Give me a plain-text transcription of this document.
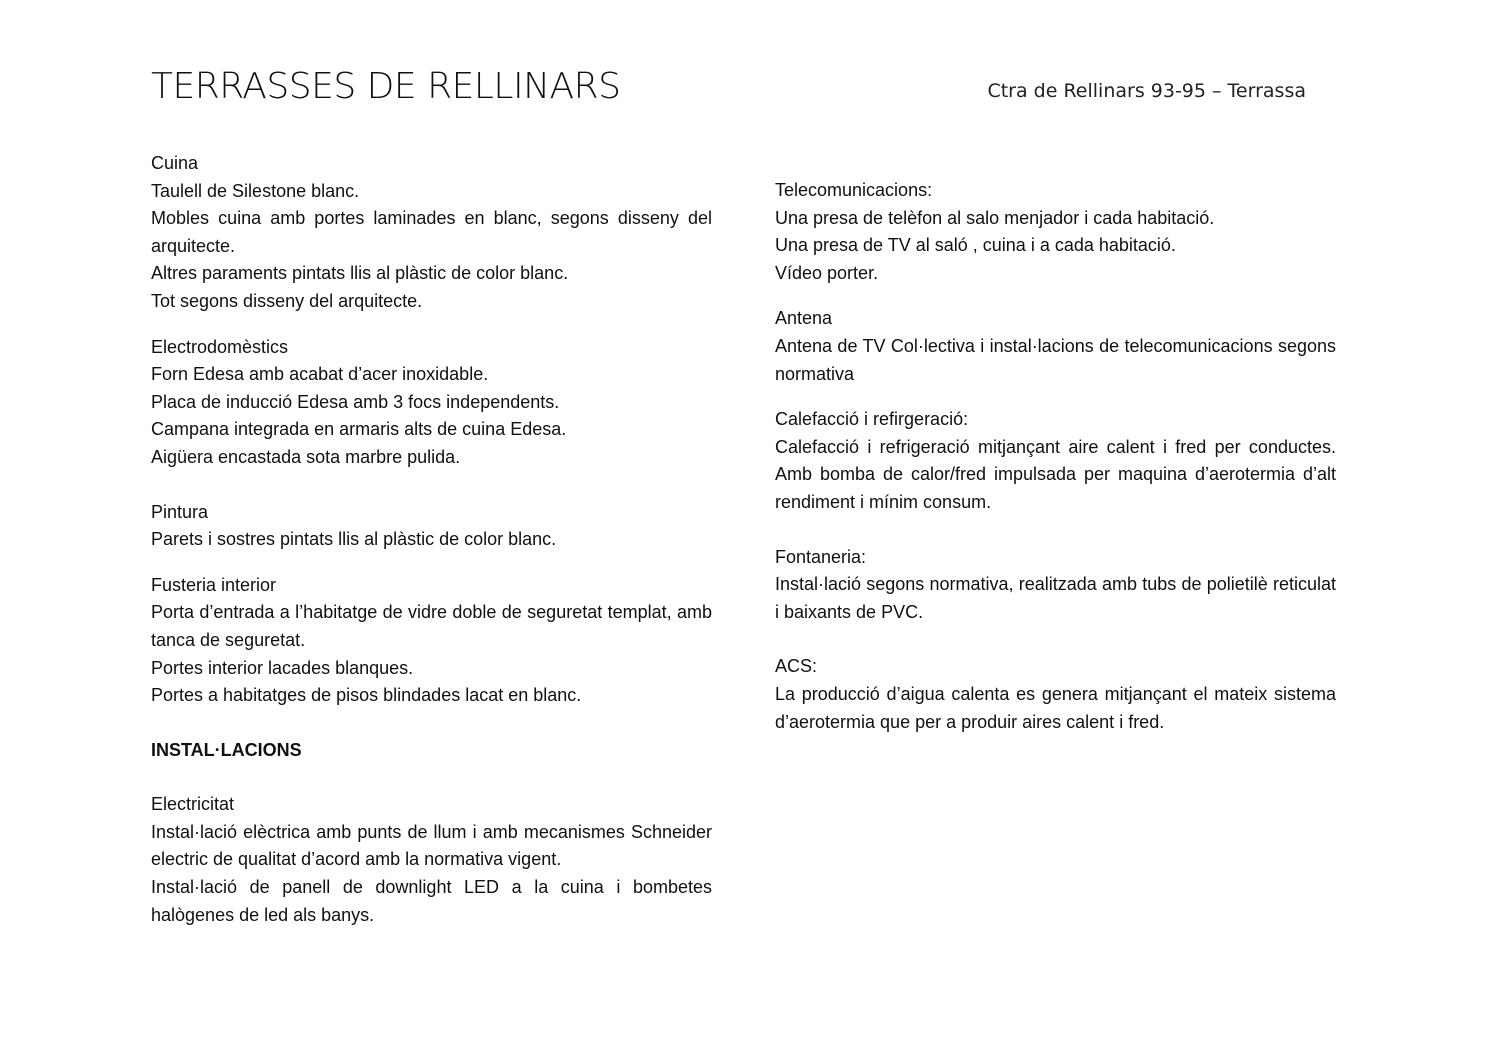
TERRASSES DE RELLINARS	Ctra de Rellinars 93-95 – Terrassa
Cuina
Taulell de Silestone blanc.
Mobles cuina amb portes laminades en blanc, segons disseny del arquitecte.
Altres paraments pintats llis al plàstic de color blanc.
Tot segons disseny del arquitecte.
Electrodomèstics
Forn Edesa amb acabat d’acer inoxidable.
Placa de inducció Edesa amb 3 focs independents.
Campana integrada en armaris alts de cuina Edesa.
Aigüera encastada sota marbre pulida.
Pintura
Parets i sostres pintats llis al plàstic de color blanc.
Fusteria interior
Porta d’entrada a l’habitatge de vidre doble de seguretat templat, amb tanca de seguretat.
Portes interior lacades blanques.
Portes a habitatges de pisos blindades lacat en blanc.
INSTAL·LACIONS
Electricitat
Instal·lació elèctrica amb punts de llum i amb mecanismes Schneider electric de qualitat d’acord amb la normativa vigent.
Instal·lació de panell de downlight LED a la cuina i bombetes halògenes de led als banys.
Telecomunicacions:
Una presa de telèfon al salo menjador i cada habitació.
Una presa de TV al saló , cuina i a cada habitació.
Vídeo porter.
Antena
Antena de TV Col·lectiva i instal·lacions de telecomunicacions segons normativa
Calefacció i refirgeració:
Calefacció i refrigeració mitjançant aire calent i fred per conductes. Amb bomba de calor/fred impulsada per maquina d’aerotermia d’alt rendiment i mínim consum.
Fontaneria:
Instal·lació segons normativa, realitzada amb tubs de polietilè reticulat i baixants de PVC.
ACS:
La producció d’aigua calenta es genera mitjançant el mateix sistema d’aerotermia que per a produir aires calent i fred.
